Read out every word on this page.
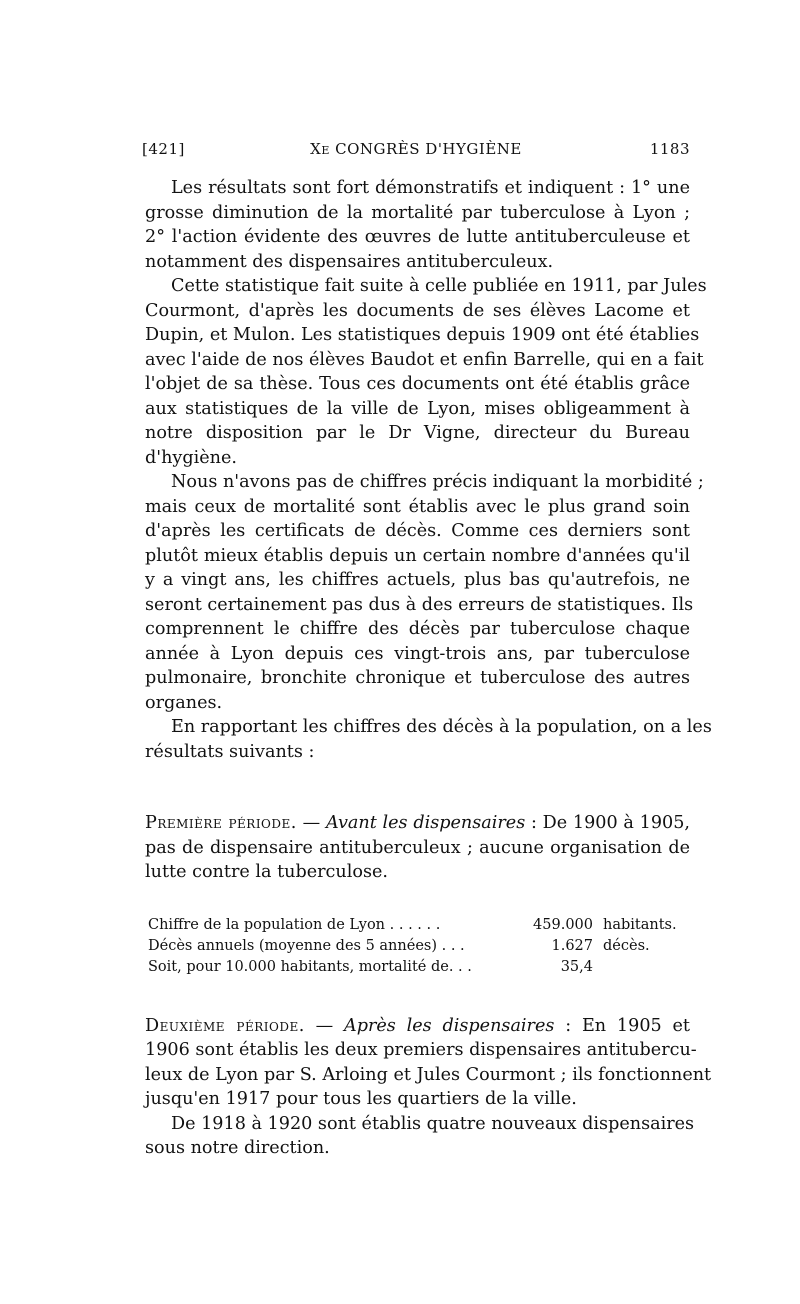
[421]	Xe CONGRÈS D'HYGIÈNE	1183

Les résultats sont fort démonstratifs et indiquent : 1° une
grosse diminution de la mortalité par tuberculose à Lyon ;
2° l'action évidente des œuvres de lutte antituberculeuse et
notamment des dispensaires antituberculeux.

Cette statistique fait suite à celle publiée en 1911, par Jules
Courmont, d'après les documents de ses élèves Lacome et
Dupin, et Mulon. Les statistiques depuis 1909 ont été établies
avec l'aide de nos élèves Baudot et enfin Barrelle, qui en a fait
l'objet de sa thèse. Tous ces documents ont été établis grâce
aux statistiques de la ville de Lyon, mises obligeamment à
notre disposition par le Dr Vigne, directeur du Bureau
d'hygiène.

Nous n'avons pas de chiffres précis indiquant la morbidité ;
mais ceux de mortalité sont établis avec le plus grand soin
d'après les certificats de décès. Comme ces derniers sont
plutôt mieux établis depuis un certain nombre d'années qu'il
y a vingt ans, les chiffres actuels, plus bas qu'autrefois, ne
seront certainement pas dus à des erreurs de statistiques. Ils
comprennent le chiffre des décès par tuberculose chaque
année à Lyon depuis ces vingt-trois ans, par tuberculose
pulmonaire, bronchite chronique et tuberculose des autres
organes.

En rapportant les chiffres des décès à la population, on a les
résultats suivants :

Première période. — Avant les dispensaires : De 1900 à 1905,
pas de dispensaire antituberculeux ; aucune organisation de
lutte contre la tuberculose.

Chiffre de la population de Lyon . . . . . .	459.000	habitants.
Décès annuels (moyenne des 5 années) . . .	1.627	décès.
Soit, pour 10.000 habitants, mortalité de. . .	35,4	

Deuxième période. — Après les dispensaires : En 1905 et
1906 sont établis les deux premiers dispensaires antitubercu-
leux de Lyon par S. Arloing et Jules Courmont ; ils fonctionnent
jusqu'en 1917 pour tous les quartiers de la ville.

De 1918 à 1920 sont établis quatre nouveaux dispensaires
sous notre direction.
